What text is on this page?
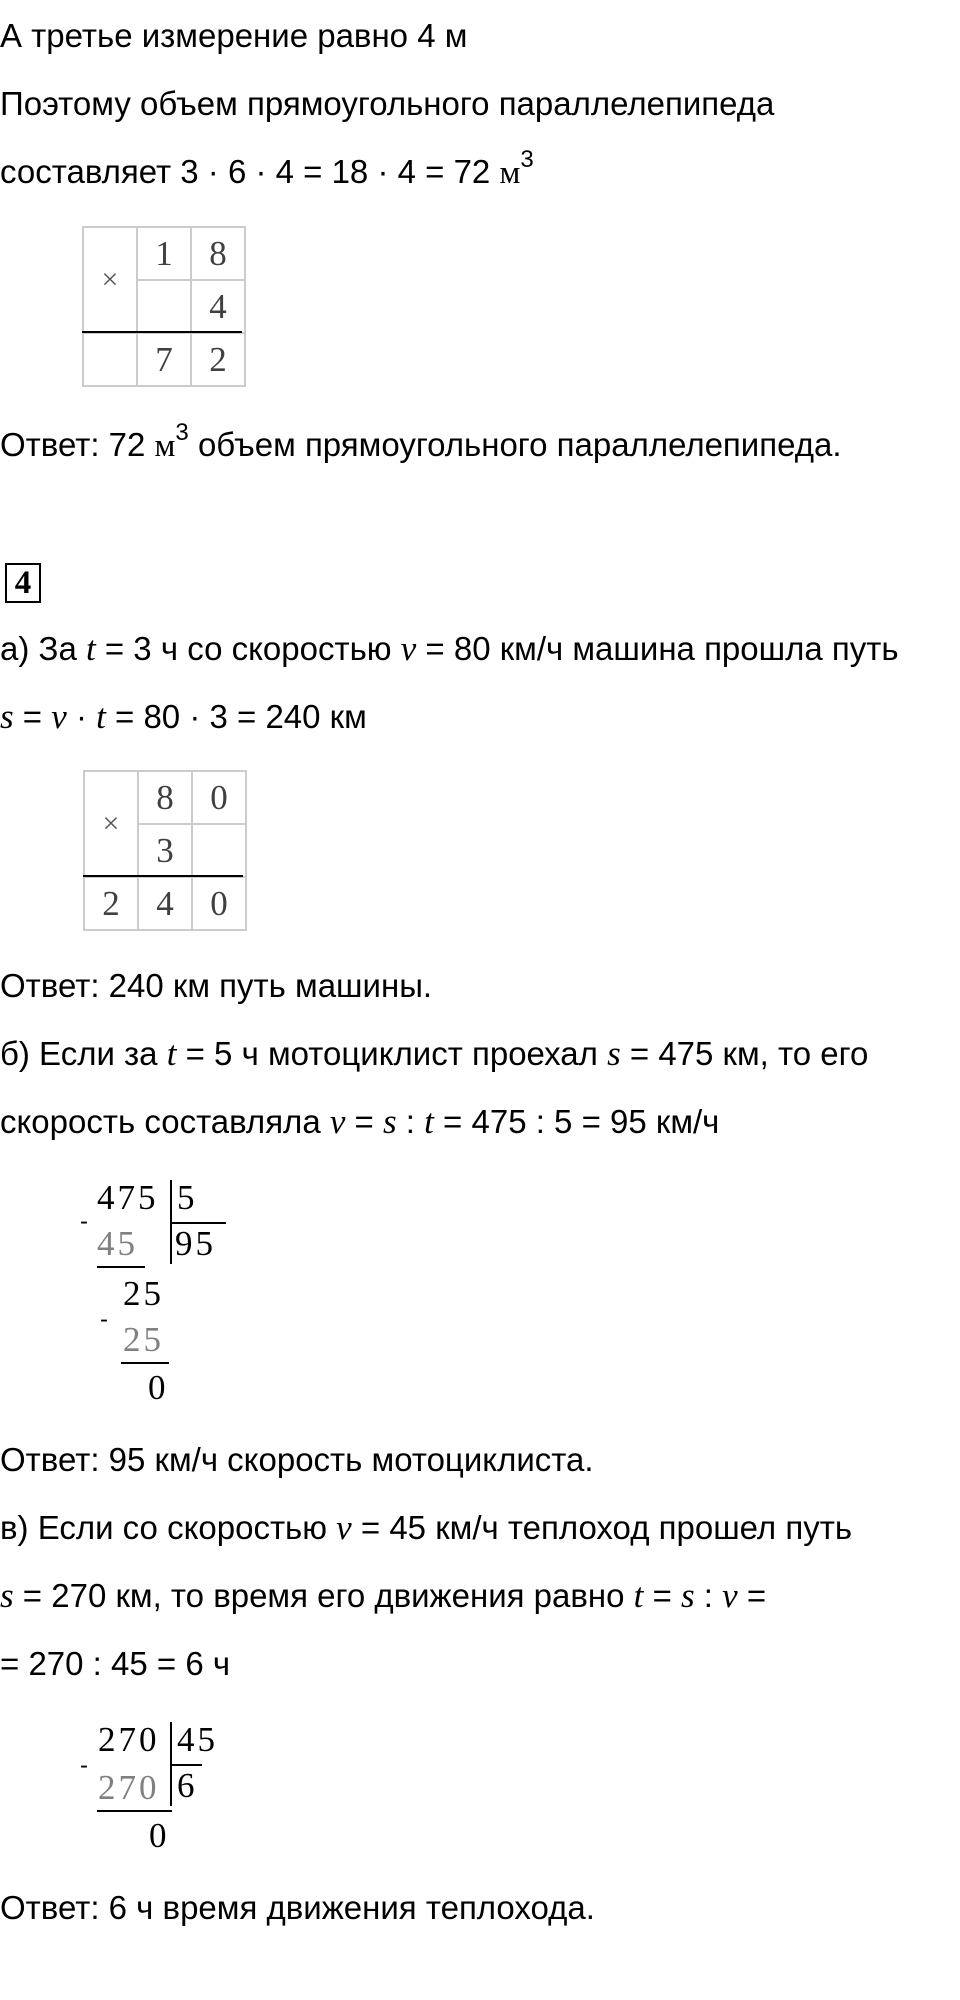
А третье измерение равно 4 м
Поэтому объем прямоугольного параллелепипеда
составляет 3 · 6 · 4 = 18 · 4 = 72 $м^3$
×	1	8
		4
	7	2
Ответ: 72 $м^3$ объем прямоугольного параллелепипеда.
4
а) За t = 3 ч со скоростью v = 80 км/ч машина прошла путь
s = v · t = 80 · 3 = 240 км
×	8	0
	3	
2	4	0
Ответ: 240 км путь машины.
б) Если за t = 5 ч мотоциклист проехал s = 475 км, то его
скорость составляла v = s : t = 475 : 5 = 95 км/ч
475 5
95
-
45
25
-
25
0
Ответ: 95 км/ч скорость мотоциклиста.
в) Если со скоростью v = 45 км/ч теплоход прошел путь
s = 270 км, то время его движения равно t = s : v =
= 270 : 45 = 6 ч
270 45
-
270 6
0
Ответ: 6 ч время движения теплохода.
